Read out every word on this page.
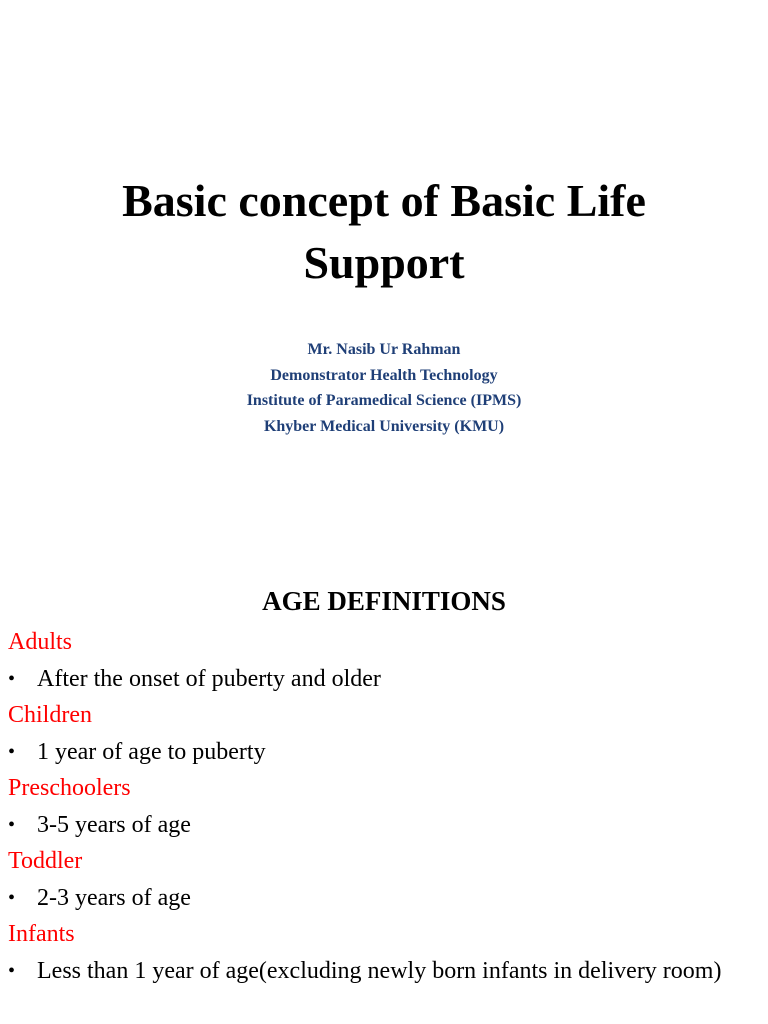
Basic concept of Basic Life Support
Mr. Nasib Ur Rahman
Demonstrator Health Technology
Institute of Paramedical Science (IPMS)
Khyber Medical University (KMU)
AGE DEFINITIONS
Adults
• After the onset of puberty and older
Children
• 1 year of age to puberty
Preschoolers
• 3-5 years of age
Toddler
• 2-3 years of age
Infants
• Less than 1 year of age(excluding newly born infants in delivery room)
